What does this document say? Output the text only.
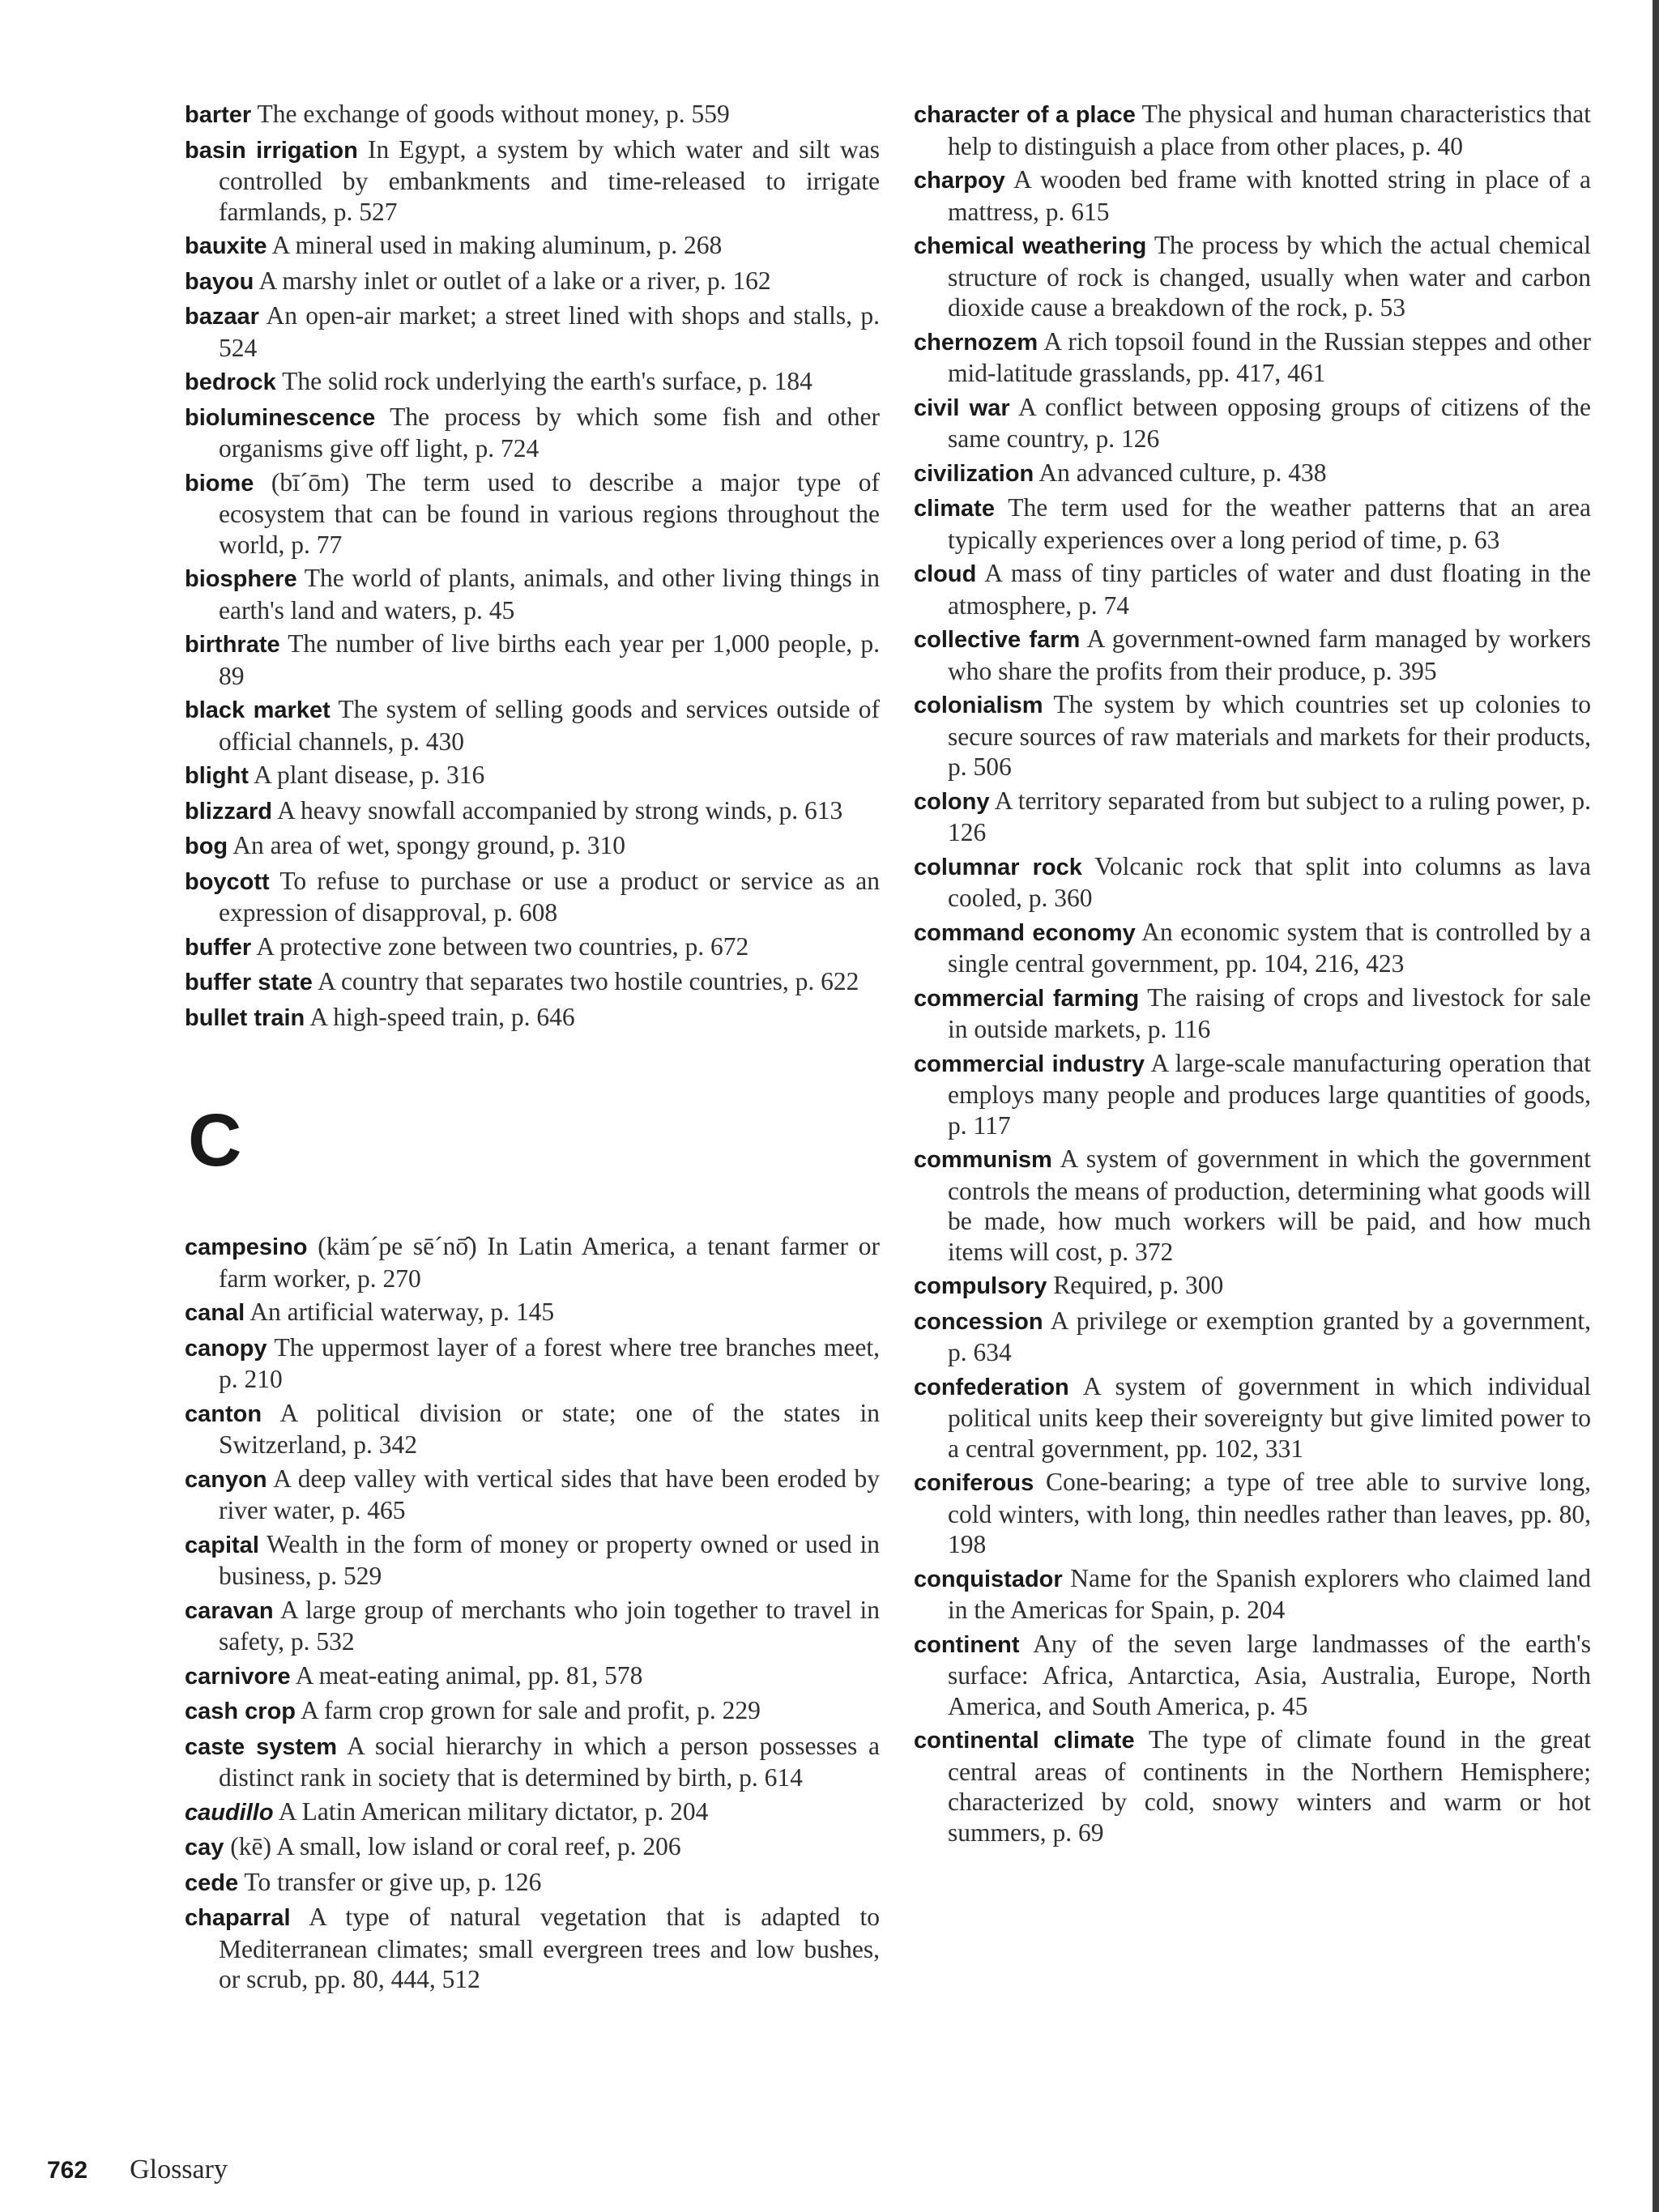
barter The exchange of goods without money, p. 559

basin irrigation In Egypt, a system by which water and silt was controlled by embankments and time-released to irrigate farmlands, p. 527

bauxite A mineral used in making aluminum, p. 268

bayou A marshy inlet or outlet of a lake or a river, p. 162

bazaar An open-air market; a street lined with shops and stalls, p. 524

bedrock The solid rock underlying the earth's surface, p. 184

bioluminescence The process by which some fish and other organisms give off light, p. 724

biome (bī´ōm) The term used to describe a major type of ecosystem that can be found in various regions throughout the world, p. 77

biosphere The world of plants, animals, and other living things in earth's land and waters, p. 45

birthrate The number of live births each year per 1,000 people, p. 89

black market The system of selling goods and services outside of official channels, p. 430

blight A plant disease, p. 316

blizzard A heavy snowfall accompanied by strong winds, p. 613

bog An area of wet, spongy ground, p. 310

boycott To refuse to purchase or use a product or service as an expression of disapproval, p. 608

buffer A protective zone between two countries, p. 672

buffer state A country that separates two hostile countries, p. 622

bullet train A high-speed train, p. 646

C

campesino (käm´pe sē´nō̂) In Latin America, a tenant farmer or farm worker, p. 270

canal An artificial waterway, p. 145

canopy The uppermost layer of a forest where tree branches meet, p. 210

canton A political division or state; one of the states in Switzerland, p. 342

canyon A deep valley with vertical sides that have been eroded by river water, p. 465

capital Wealth in the form of money or property owned or used in business, p. 529

caravan A large group of merchants who join together to travel in safety, p. 532

carnivore A meat-eating animal, pp. 81, 578

cash crop A farm crop grown for sale and profit, p. 229

caste system A social hierarchy in which a person possesses a distinct rank in society that is determined by birth, p. 614

caudillo A Latin American military dictator, p. 204

cay (kē) A small, low island or coral reef, p. 206

cede To transfer or give up, p. 126

chaparral A type of natural vegetation that is adapted to Mediterranean climates; small evergreen trees and low bushes, or scrub, pp. 80, 444, 512

character of a place The physical and human characteristics that help to distinguish a place from other places, p. 40

charpoy A wooden bed frame with knotted string in place of a mattress, p. 615

chemical weathering The process by which the actual chemical structure of rock is changed, usually when water and carbon dioxide cause a breakdown of the rock, p. 53

chernozem A rich topsoil found in the Russian steppes and other mid-latitude grasslands, pp. 417, 461

civil war A conflict between opposing groups of citizens of the same country, p. 126

civilization An advanced culture, p. 438

climate The term used for the weather patterns that an area typically experiences over a long period of time, p. 63

cloud A mass of tiny particles of water and dust floating in the atmosphere, p. 74

collective farm A government-owned farm managed by workers who share the profits from their produce, p. 395

colonialism The system by which countries set up colonies to secure sources of raw materials and markets for their products, p. 506

colony A territory separated from but subject to a ruling power, p. 126

columnar rock Volcanic rock that split into columns as lava cooled, p. 360

command economy An economic system that is controlled by a single central government, pp. 104, 216, 423

commercial farming The raising of crops and livestock for sale in outside markets, p. 116

commercial industry A large-scale manufacturing operation that employs many people and produces large quantities of goods, p. 117

communism A system of government in which the government controls the means of production, determining what goods will be made, how much workers will be paid, and how much items will cost, p. 372

compulsory Required, p. 300

concession A privilege or exemption granted by a government, p. 634

confederation A system of government in which individual political units keep their sovereignty but give limited power to a central government, pp. 102, 331

coniferous Cone-bearing; a type of tree able to survive long, cold winters, with long, thin needles rather than leaves, pp. 80, 198

conquistador Name for the Spanish explorers who claimed land in the Americas for Spain, p. 204

continent Any of the seven large landmasses of the earth's surface: Africa, Antarctica, Asia, Australia, Europe, North America, and South America, p. 45

continental climate The type of climate found in the great central areas of continents in the Northern Hemisphere; characterized by cold, snowy winters and warm or hot summers, p. 69

762 Glossary
